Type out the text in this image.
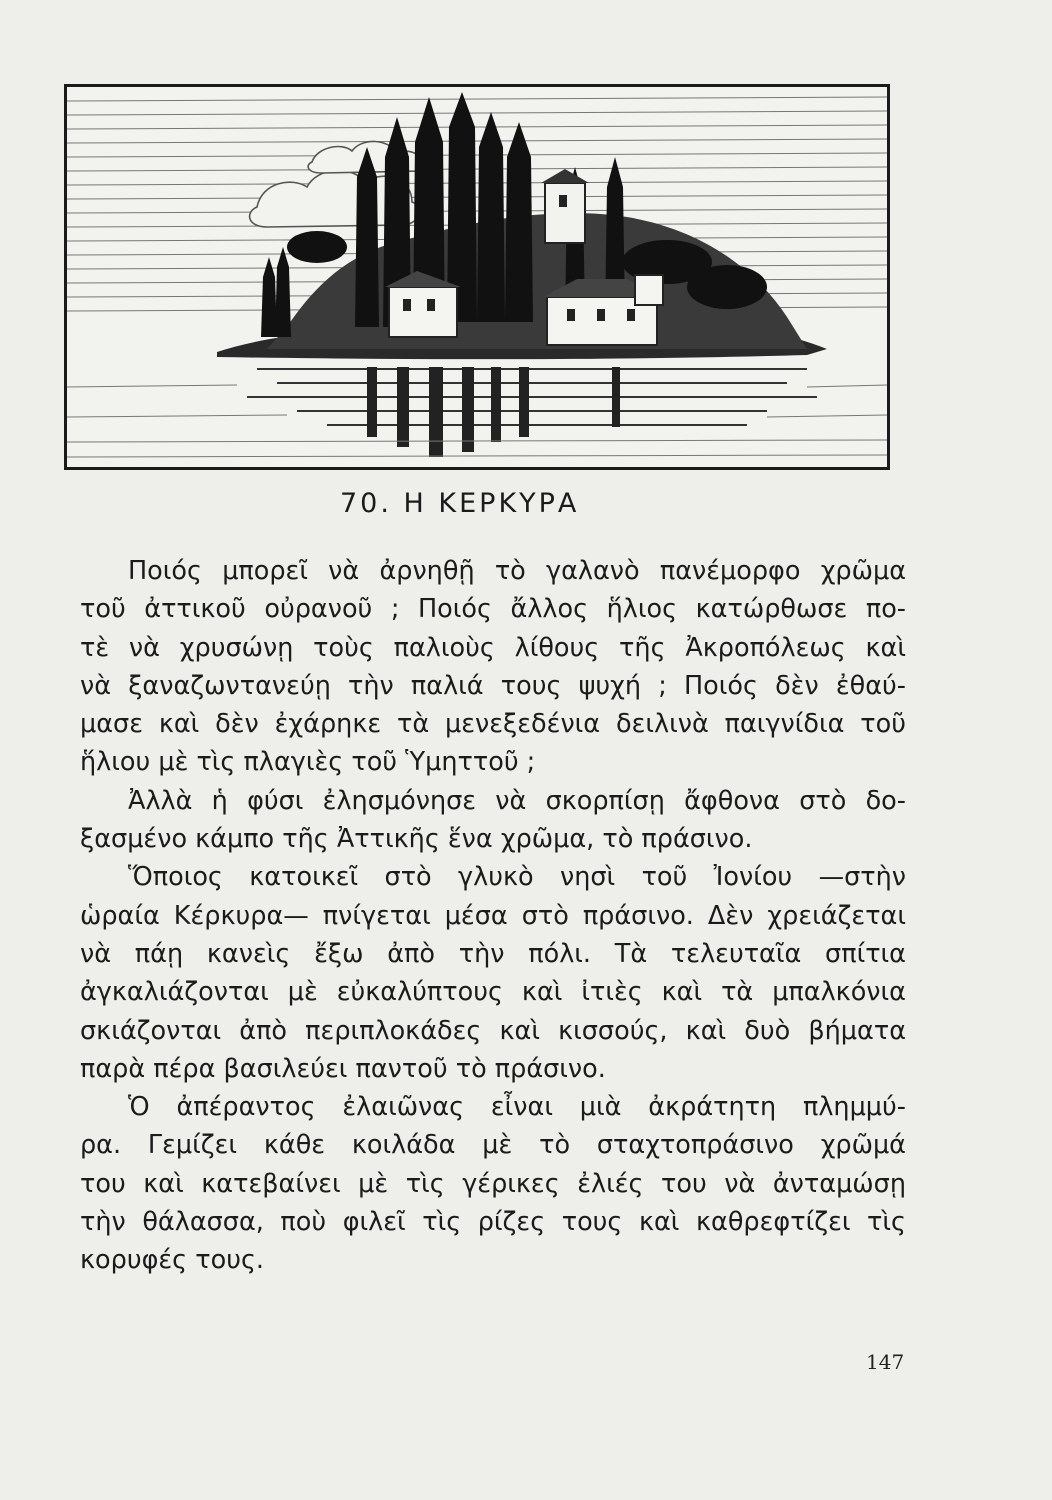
70. Η ΚΕΡΚΥΡΑ
Ποιός μπορεῖ νὰ ἀρνηθῇ τὸ γαλανὸ πανέμορφο χρῶμα
τοῦ ἀττικοῦ οὐρανοῦ ; Ποιός ἄλλος ἥλιος κατώρθωσε πο-
τὲ νὰ χρυσώνῃ τοὺς παλιοὺς λίθους τῆς Ἀκροπόλεως καὶ
νὰ ξαναζωντανεύῃ τὴν παλιά τους ψυχή ; Ποιός δὲν ἐθαύ-
μασε καὶ δὲν ἐχάρηκε τὰ μενεξεδένια δειλινὰ παιγνίδια τοῦ
ἥλιου μὲ τὶς πλαγιὲς τοῦ Ὑμηττοῦ ;
Ἀλλὰ ἡ φύσι ἐλησμόνησε νὰ σκορπίσῃ ἄφθονα στὸ δο-
ξασμένο κάμπο τῆς Ἀττικῆς ἕνα χρῶμα, τὸ πράσινο.
Ὅποιος κατοικεῖ στὸ γλυκὸ νησὶ τοῦ Ἰονίου —στὴν
ὡραία Κέρκυρα— πνίγεται μέσα στὸ πράσινο. Δὲν χρειάζεται
νὰ πάῃ κανεὶς ἔξω ἀπὸ τὴν πόλι. Τὰ τελευταῖα σπίτια
ἀγκαλιάζονται μὲ εὐκαλύπτους καὶ ἰτιὲς καὶ τὰ μπαλκόνια
σκιάζονται ἀπὸ περιπλοκάδες καὶ κισσούς, καὶ δυὸ βήματα
παρὰ πέρα βασιλεύει παντοῦ τὸ πράσινο.
Ὁ ἀπέραντος ἐλαιῶνας εἶναι μιὰ ἀκράτητη πλημμύ-
ρα. Γεμίζει κάθε κοιλάδα μὲ τὸ σταχτοπράσινο χρῶμά
του καὶ κατεβαίνει μὲ τὶς γέρικες ἐλιές του νὰ ἀνταμώσῃ
τὴν θάλασσα, ποὺ φιλεῖ τὶς ρίζες τους καὶ καθρεφτίζει τὶς
κορυφές τους.
147
